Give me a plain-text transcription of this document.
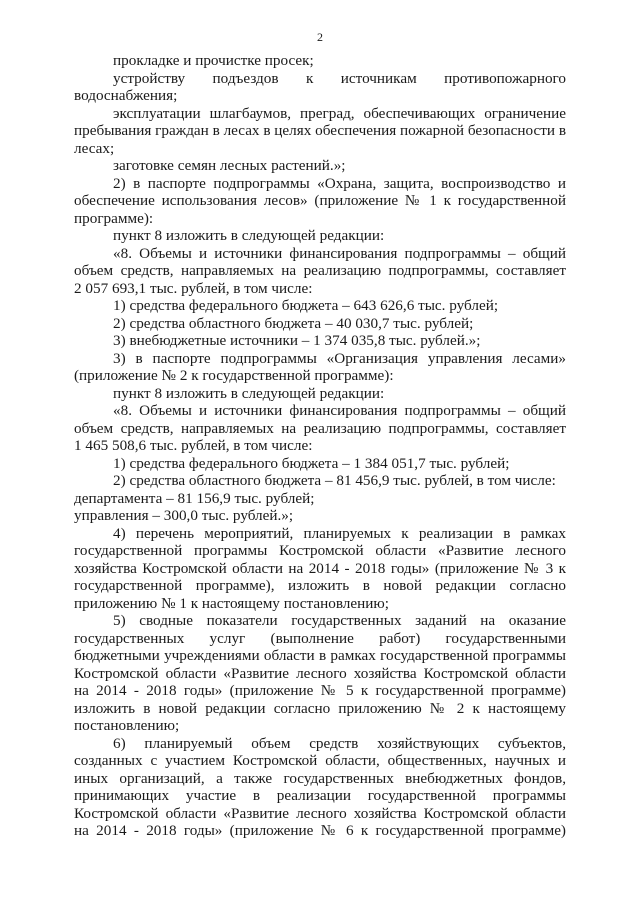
2
прокладке и прочистке просек;
устройству подъездов к источникам противопожарного
водоснабжения;
эксплуатации шлагбаумов, преград, обеспечивающих ограничение
пребывания граждан в лесах в целях обеспечения пожарной безопасности в
лесах;
заготовке семян лесных растений.»;
2) в паспорте подпрограммы «Охрана, защита, воспроизводство и
обеспечение использования лесов» (приложение № 1 к государственной
программе):
пункт 8 изложить в следующей редакции:
«8. Объемы и источники финансирования подпрограммы – общий
объем средств, направляемых на реализацию подпрограммы, составляет
2 057 693,1 тыс. рублей, в том числе:
1) средства федерального бюджета – 643 626,6 тыс. рублей;
2) средства областного бюджета – 40 030,7 тыс. рублей;
3) внебюджетные источники – 1 374 035,8 тыс. рублей.»;
3) в паспорте подпрограммы «Организация управления лесами»
(приложение № 2 к государственной программе):
пункт 8 изложить в следующей редакции:
«8. Объемы и источники финансирования подпрограммы – общий
объем средств, направляемых на реализацию подпрограммы, составляет
1 465 508,6 тыс. рублей, в том числе:
1) средства федерального бюджета – 1 384 051,7 тыс. рублей;
2) средства областного бюджета – 81 456,9 тыс. рублей, в том числе:
департамента – 81 156,9 тыс. рублей;
управления – 300,0 тыс. рублей.»;
4) перечень мероприятий, планируемых к реализации в рамках
государственной программы Костромской области «Развитие лесного
хозяйства Костромской области на 2014 - 2018 годы» (приложение № 3 к
государственной программе), изложить в новой редакции согласно
приложению № 1 к настоящему постановлению;
5) сводные показатели государственных заданий на оказание
государственных услуг (выполнение работ) государственными
бюджетными учреждениями области в рамках государственной программы
Костромской области «Развитие лесного хозяйства Костромской области
на 2014 - 2018 годы» (приложение № 5 к государственной программе)
изложить в новой редакции согласно приложению № 2 к настоящему
постановлению;
6) планируемый объем средств хозяйствующих субъектов,
созданных с участием Костромской области, общественных, научных и
иных организаций, а также государственных внебюджетных фондов,
принимающих участие в реализации государственной программы
Костромской области «Развитие лесного хозяйства Костромской области
на 2014 - 2018 годы» (приложение № 6 к государственной программе)
